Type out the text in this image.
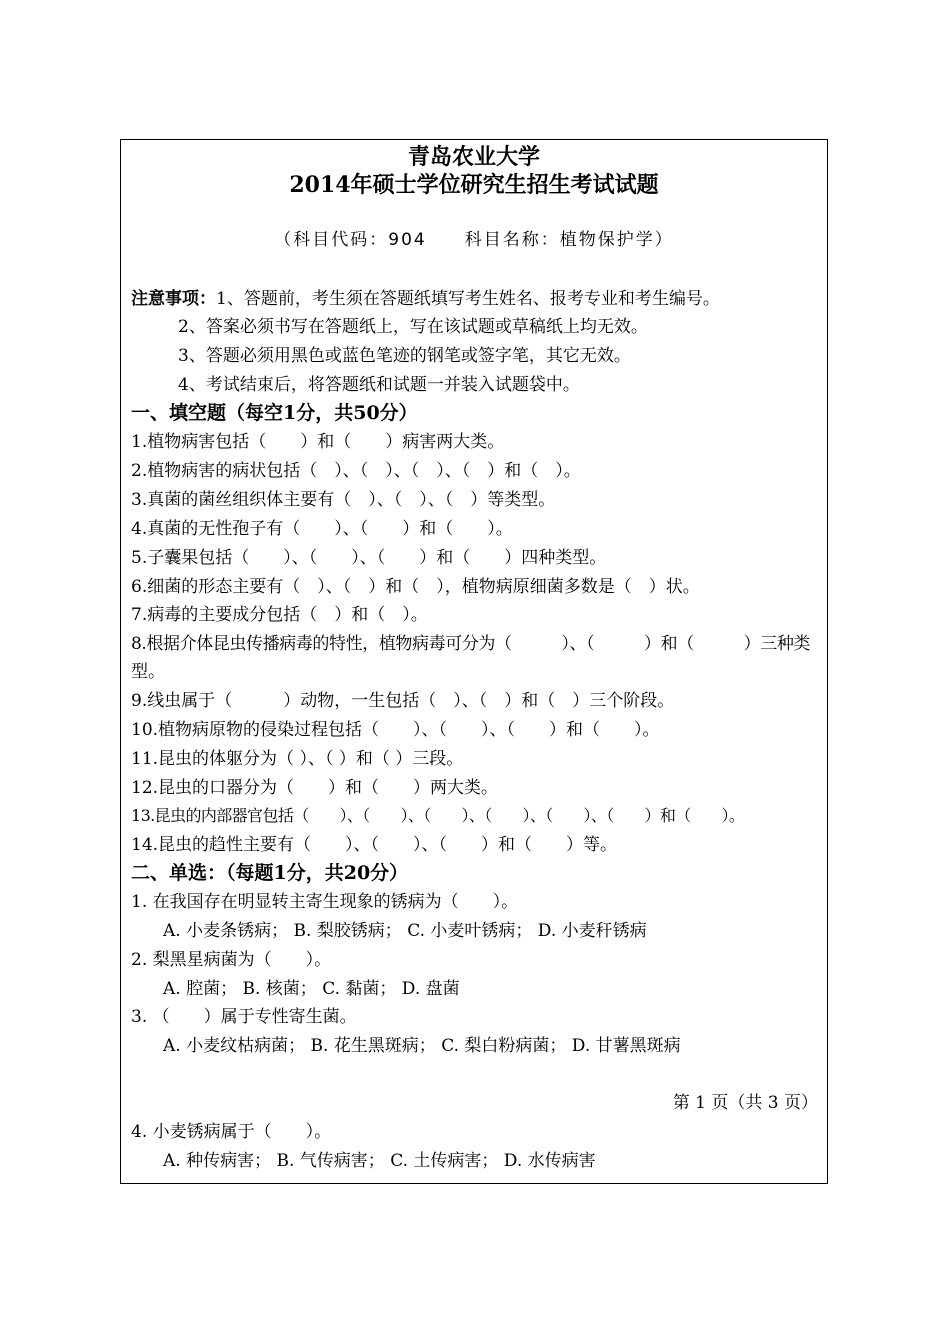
青岛农业大学
2014年硕士学位研究生招生考试试题
（科目代码：904　　科目名称：植物保护学）
注意事项：1、答题前，考生须在答题纸填写考生姓名、报考专业和考生编号。
2、答案必须书写在答题纸上，写在该试题或草稿纸上均无效。
3、答题必须用黑色或蓝色笔迹的钢笔或签字笔，其它无效。
4、考试结束后，将答题纸和试题一并装入试题袋中。
一、填空题（每空1分，共50分）
1.植物病害包括（　　）和（　　）病害两大类。
2.植物病害的病状包括（　）、（　）、（　）、（　）和（　）。
3.真菌的菌丝组织体主要有（　）、（　）、（　）等类型。
4.真菌的无性孢子有（　　）、（　　）和（　　）。
5.子囊果包括（　　）、（　　）、（　　）和（　　）四种类型。
6.细菌的形态主要有（　）、（　）和（　），植物病原细菌多数是（　）状。
7.病毒的主要成分包括（　）和（　）。
8.根据介体昆虫传播病毒的特性，植物病毒可分为（　　　）、（　　　）和（　　　）三种类
型。
9.线虫属于（　　　）动物，一生包括（　）、（　）和（　）三个阶段。
10.植物病原物的侵染过程包括（　　）、（　　）、（　　）和（　　）。
11.昆虫的体躯分为（ ）、（ ）和（ ）三段。
12.昆虫的口器分为（　　）和（　　）两大类。
13.昆虫的内部器官包括（　　）、（　　）、（　　）、（　　）、（　　）、（　　）和（　　）。
14.昆虫的趋性主要有（　　）、（　　）、（　　）和（　　）等。
二、单选：（每题1分，共20分）
1. 在我国存在明显转主寄生现象的锈病为（　　）。
A. 小麦条锈病； B. 梨胶锈病； C. 小麦叶锈病； D. 小麦秆锈病
2. 梨黑星病菌为（　　）。
A. 腔菌； B. 核菌； C. 黏菌； D. 盘菌
3. （　　）属于专性寄生菌。
A. 小麦纹枯病菌； B. 花生黑斑病； C. 梨白粉病菌； D. 甘薯黑斑病
第 1 页（共 3 页）
4. 小麦锈病属于（　　）。
A. 种传病害； B. 气传病害； C. 土传病害； D. 水传病害
